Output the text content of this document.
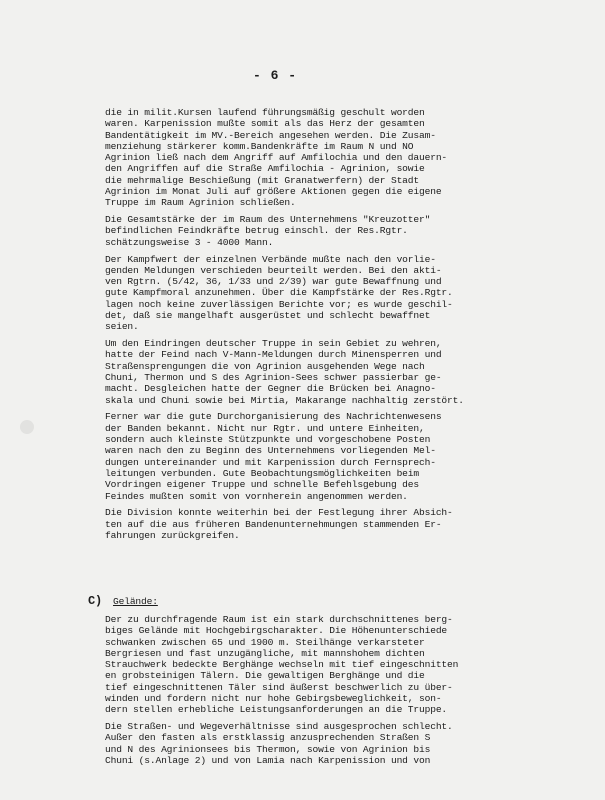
- 6 -

die in milit.Kursen laufend führungsmäßig geschult worden
waren. Karpenission mußte somit als das Herz der gesamten
Bandentätigkeit im MV.-Bereich angesehen werden. Die Zusam-
menziehung stärkerer komm.Bandenkräfte im Raum N und NO
Agrinion ließ nach dem Angriff auf Amfilochia und den dauern-
den Angriffen auf die Straße Amfilochia - Agrinion, sowie
die mehrmalige Beschießung (mit Granatwerfern) der Stadt
Agrinion im Monat Juli auf größere Aktionen gegen die eigene
Truppe im Raum Agrinion schließen.

Die Gesamtstärke der im Raum des Unternehmens "Kreuzotter"
befindlichen Feindkräfte betrug einschl. der Res.Rgtr.
schätzungsweise 3 - 4000 Mann.

Der Kampfwert der einzelnen Verbände mußte nach den vorlie-
genden Meldungen verschieden beurteilt werden. Bei den akti-
ven Rgtrn. (5/42, 36, 1/33 und 2/39) war gute Bewaffnung und
gute Kampfmoral anzunehmen. Über die Kampfstärke der Res.Rgtr.
lagen noch keine zuverlässigen Berichte vor; es wurde geschil-
det, daß sie mangelhaft ausgerüstet und schlecht bewaffnet
seien.

Um den Eindringen deutscher Truppe in sein Gebiet zu wehren,
hatte der Feind nach V-Mann-Meldungen durch Minensperren und
Straßensprengungen die von Agrinion ausgehenden Wege nach
Chuni, Thermon und S des Agrinion-Sees schwer passierbar ge-
macht. Desgleichen hatte der Gegner die Brücken bei Anagno-
skala und Chuni sowie bei Mirtia, Makarange nachhaltig zerstört.

Ferner war die gute Durchorganisierung des Nachrichtenwesens
der Banden bekannt. Nicht nur Rgtr. und untere Einheiten,
sondern auch kleinste Stützpunkte und vorgeschobene Posten
waren nach den zu Beginn des Unternehmens vorliegenden Mel-
dungen untereinander und mit Karpenission durch Fernsprech-
leitungen verbunden. Gute Beobachtungsmöglichkeiten beim
Vordringen eigener Truppe und schnelle Befehlsgebung des
Feindes mußten somit von vornherein angenommen werden.

Die Division konnte weiterhin bei der Festlegung ihrer Absich-
ten auf die aus früheren Bandenunternehmungen stammenden Er-
fahrungen zurückgreifen.

C) Gelände:

Der zu durchfragende Raum ist ein stark durchschnittenes berg-
biges Gelände mit Hochgebirgscharakter. Die Höhenunterschiede
schwanken zwischen 65 und 1900 m. Steilhänge verkarsteter
Bergriesen und fast unzugängliche, mit mannshohem dichten
Strauchwerk bedeckte Berghänge wechseln mit tief eingeschnitten
en grobsteinigen Tälern. Die gewaltigen Berghänge und die
tief eingeschnittenen Täler sind äußerst beschwerlich zu über-
winden und fordern nicht nur hohe Gebirgsbeweglichkeit, son-
dern stellen erhebliche Leistungsanforderungen an die Truppe.

Die Straßen- und Wegeverhältnisse sind ausgesprochen schlecht.
Außer den fasten als erstklassig anzusprechenden Straßen S
und N des Agrinionsees bis Thermon, sowie von Agrinion bis
Chuni (s.Anlage 2) und von Lamia nach Karpenission und von
